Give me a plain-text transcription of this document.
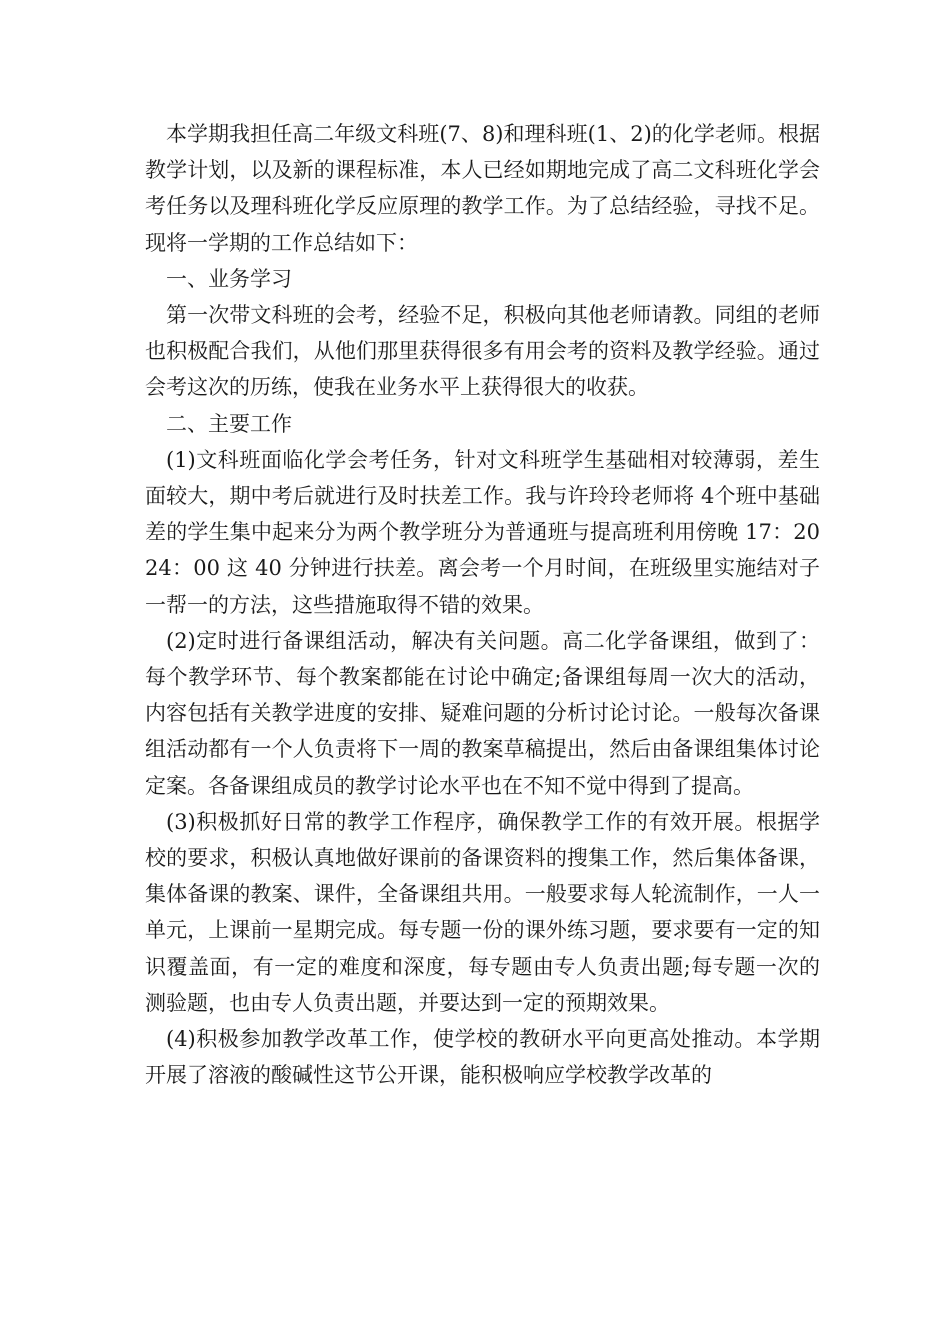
本学期我担任高二年级文科班(7、8)和理科班(1、2)的化学老师。根据教学计划，以及新的课程标准，本人已经如期地完成了高二文科班化学会考任务以及理科班化学反应原理的教学工作。为了总结经验，寻找不足。现将一学期的工作总结如下：

一、业务学习

第一次带文科班的会考，经验不足，积极向其他老师请教。同组的老师也积极配合我们，从他们那里获得很多有用会考的资料及教学经验。通过会考这次的历练，使我在业务水平上获得很大的收获。

二、主要工作

(1)文科班面临化学会考任务，针对文科班学生基础相对较薄弱，差生面较大，期中考后就进行及时扶差工作。我与许玲玲老师将 4个班中基础差的学生集中起来分为两个教学班分为普通班与提高班利用傍晚 17：2024：00 这 40 分钟进行扶差。离会考一个月时间，在班级里实施结对子一帮一的方法，这些措施取得不错的效果。

(2)定时进行备课组活动，解决有关问题。高二化学备课组，做到了：每个教学环节、每个教案都能在讨论中确定;备课组每周一次大的活动，内容包括有关教学进度的安排、疑难问题的分析讨论讨论。一般每次备课组活动都有一个人负责将下一周的教案草稿提出，然后由备课组集体讨论定案。各备课组成员的教学讨论水平也在不知不觉中得到了提高。

(3)积极抓好日常的教学工作程序，确保教学工作的有效开展。根据学校的要求，积极认真地做好课前的备课资料的搜集工作，然后集体备课，集体备课的教案、课件，全备课组共用。一般要求每人轮流制作，一人一单元，上课前一星期完成。每专题一份的课外练习题，要求要有一定的知识覆盖面，有一定的难度和深度，每专题由专人负责出题;每专题一次的测验题，也由专人负责出题，并要达到一定的预期效果。

(4)积极参加教学改革工作，使学校的教研水平向更高处推动。本学期开展了溶液的酸碱性这节公开课，能积极响应学校教学改革的
